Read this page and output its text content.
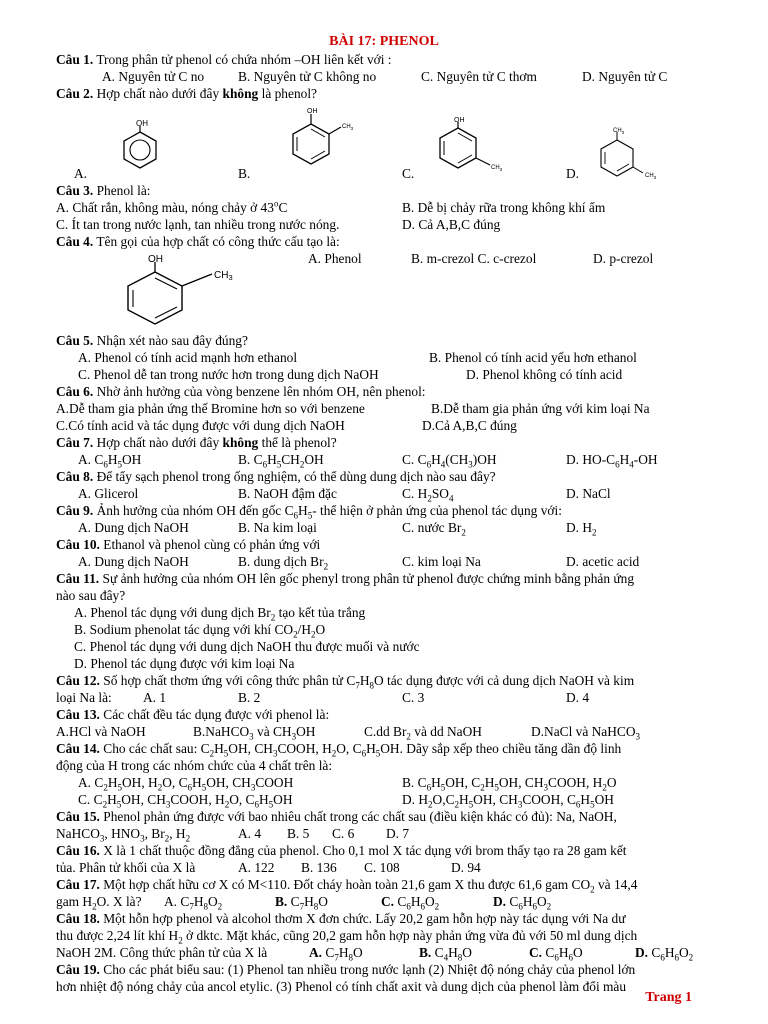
BÀI 17: PHENOL
Câu 1. Trong phân tử phenol có chứa nhóm –OH liên kết với :
A. Nguyên tử C no	B. Nguyên tử C không no	C. Nguyên tử C thơm	D. Nguyên tử C
Câu 2. Hợp chất nào dưới đây không là phenol?
OH
OH
$CH_3$
OH
$CH_3$
$CH_3$
$CH_3$
A.	B.	C.	D.
Câu 3. Phenol là:
A. Chất rắn, không màu, nóng chảy ở 43$^o$C	B. Dễ bị chảy rữa trong không khí ẩm
C. Ít tan trong nước lạnh, tan nhiều trong nước nóng.	D. Cả A,B,C đúng
Câu 4. Tên gọi của hợp chất có công thức cấu tạo là:
OH
$CH_3$
A. Phenol	B. m-crezol C. c-crezol	D. p-crezol
Câu 5. Nhận xét nào sau đây đúng?
A. Phenol có tính acid mạnh hơn ethanol	B. Phenol có tính acid yếu hơn ethanol
C. Phenol dễ tan trong nước hơn trong dung dịch NaOH	D. Phenol không có tính acid
Câu 6. Nhờ ảnh hưởng của vòng benzene lên nhóm OH, nên phenol:
A.Dễ tham gia phản ứng thế Bromine hơn so với benzene	B.Dễ tham gia phản ứng với kim loại Na
C.Có tính acid và tác dụng được với dung dịch NaOH	D.Cả A,B,C đúng
Câu 7. Hợp chất nào dưới đây không thể là phenol?
A. $C_6H_5OH$	B. $C_6H_5CH_2OH$	C. $C_6H_4(CH_3)OH$	D. $HO-C_6H_4-OH$
Câu 8. Để tẩy sạch phenol trong ống nghiệm, có thể dùng dung dịch nào sau đây?
A. Glicerol	B. NaOH đậm đặc	C. $H_2SO_4$	D. NaCl
Câu 9. Ảnh hưởng của nhóm OH đến gốc $C_6H_5-$ thể hiện ở phản ứng của phenol tác dụng với:
A. Dung dịch NaOH	B. Na kim loại	C. nước $Br_2$	D. $H_2$
Câu 10. Ethanol và phenol cùng có phản ứng với
A. Dung dịch NaOH	B. dung dịch $Br_2$	C. kim loại Na	D. acetic acid
Câu 11. Sự ảnh hưởng của nhóm OH lên gốc phenyl trong phân tử phenol được chứng minh bằng phản ứng
nào sau đây?
A. Phenol tác dụng với dung dịch $Br_2$ tạo kết tủa trắng
B. Sodium phenolat tác dụng với khí $CO_2/H_2O$
C. Phenol tác dụng với dung dịch NaOH thu được muối và nước
D. Phenol tác dụng được với kim loại Na
Câu 12. Số hợp chất thơm ứng với công thức phân tử $C_7H_8O$ tác dụng được với cả dung dịch NaOH và kim
loại Na là: A. 1	B. 2	C. 3	D. 4
Câu 13. Các chất đều tác dụng được với phenol là:
A.HCl và NaOH	B.NaHCO$_3$ và $CH_3OH$	C.dd $Br_2$ và dd NaOH	D.NaCl và NaHCO$_3$
Câu 14. Cho các chất sau: $C_2H_5OH$, $CH_3COOH$, $H_2O$, $C_6H_5OH$. Dãy sắp xếp theo chiều tăng dần độ linh
động của H trong các nhóm chức của 4 chất trên là:
A. $C_2H_5OH$, $H_2O$, $C_6H_5OH$, $CH_3COOH$	B. $C_6H_5OH$, $C_2H_5OH$, $CH_3COOH$, $H_2O$
C. $C_2H_5OH$, $CH_3COOH$, $H_2O$, $C_6H_5OH$	D. $H_2O,C_2H_5OH$, $CH_3COOH$, $C_6H_5OH$
Câu 15. Phenol phản ứng được với bao nhiêu chất trong các chất sau (điều kiện khác có đủ): Na, NaOH,
NaHCO$_3$, $HNO_3$, $Br_2$, $H_2$	A. 4 B. 5 C. 6 D. 7
Câu 16. X là 1 chất thuộc đồng đẳng của phenol. Cho 0,1 mol X tác dụng với brom thấy tạo ra 28 gam kết
tủa. Phân tử khối của X là	A. 122 B. 136 C. 108	D. 94
Câu 17. Một hợp chất hữu cơ X có M<110. Đốt cháy hoàn toàn 21,6 gam X thu được 61,6 gam $CO_2$ và 14,4
gam $H_2O$. X là? A. $C_7H_8O_2$	B. $C_7H_8O$	C. $C_6H_6O_2$	D. $C_6H_6O_2$
Câu 18. Một hỗn hợp phenol và alcohol thơm X đơn chức. Lấy 20,2 gam hỗn hợp này tác dụng với Na dư
thu được 2,24 lít khí $H_2$ ở dktc. Mặt khác, cũng 20,2 gam hỗn hợp này phản ứng vừa đủ với 50 ml dung dịch
NaOH 2M. Công thức phân tử của X là	A. $C_7H_8O$	B. $C_4H_8O$	C. $C_6H_6O$	D. $C_6H_6O_2$
Câu 19. Cho các phát biểu sau: (1) Phenol tan nhiều trong nước lạnh (2) Nhiệt độ nóng chảy của phenol lớn
hơn nhiệt độ nóng chảy của ancol etylic. (3) Phenol có tính chất axit và dung dịch của phenol làm đổi màu
Trang 1
